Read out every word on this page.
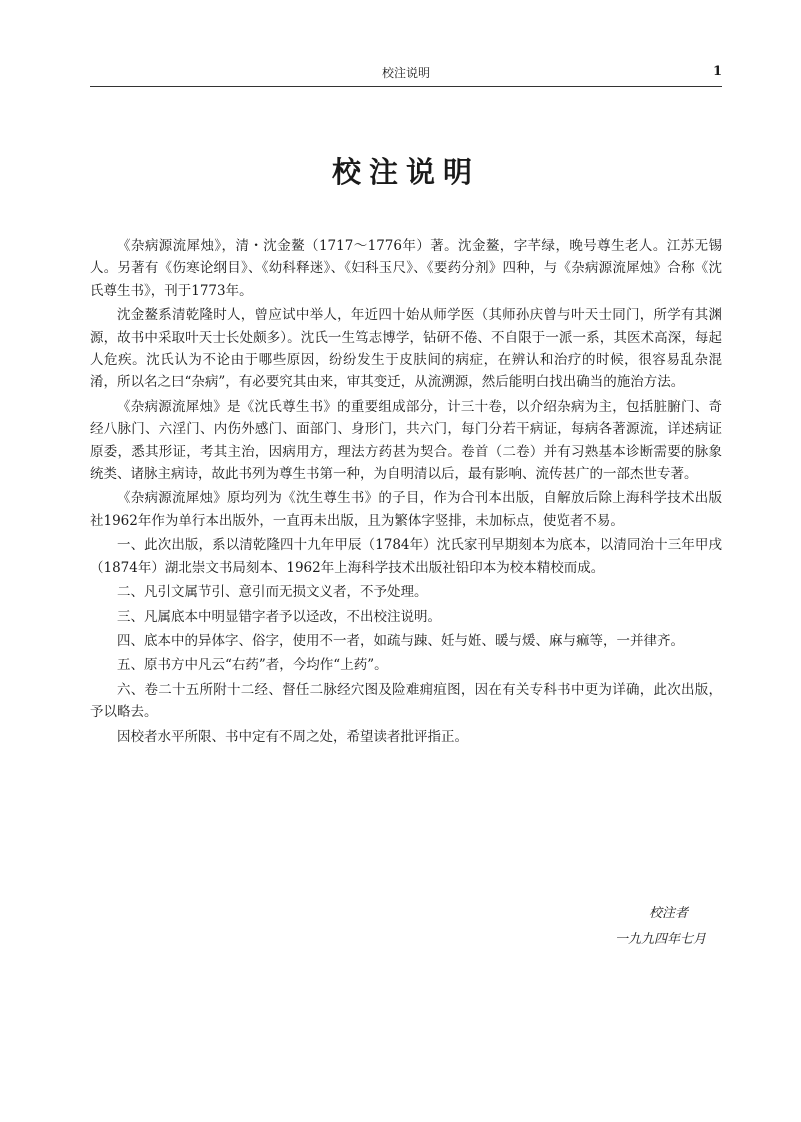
校注说明	1
校注说明

《杂病源流犀烛》，清・沈金鳌（1717～1776年）著。沈金鳌，字芊绿，晚号尊生老人。江苏无锡人。另著有《伤寒论纲目》、《幼科释迷》、《妇科玉尺》、《要药分剂》四种，与《杂病源流犀烛》合称《沈氏尊生书》，刊于1773年。

沈金鳌系清乾隆时人，曾应试中举人，年近四十始从师学医（其师孙庆曾与叶天士同门，所学有其渊源，故书中采取叶天士长处颇多）。沈氏一生笃志博学，钻研不倦、不自限于一派一系，其医术高深，每起人危疾。沈氏认为不论由于哪些原因，纷纷发生于皮肤间的病症，在辨认和治疗的时候，很容易乱杂混淆，所以名之曰“杂病”，有必要究其由来，审其变迁，从流溯源，然后能明白找出确当的施治方法。

《杂病源流犀烛》是《沈氏尊生书》的重要组成部分，计三十卷，以介绍杂病为主，包括脏腑门、奇经八脉门、六淫门、内伤外感门、面部门、身形门，共六门，每门分若干病证，每病各著源流，详述病证原委，悉其形证，考其主治，因病用方，理法方药甚为契合。卷首（二卷）并有习熟基本诊断需要的脉象统类、诸脉主病诗，故此书列为尊生书第一种，为自明清以后，最有影响、流传甚广的一部杰世专著。

《杂病源流犀烛》原均列为《沈生尊生书》的子目，作为合刊本出版，自解放后除上海科学技术出版社1962年作为单行本出版外，一直再未出版，且为繁体字竖排，未加标点，使览者不易。

一、此次出版，系以清乾隆四十九年甲辰（1784年）沈氏家刊早期刻本为底本，以清同治十三年甲戌（1874年）湖北崇文书局刻本、1962年上海科学技术出版社铅印本为校本精校而成。

二、凡引文属节引、意引而无损文义者，不予处理。

三、凡属底本中明显错字者予以迳改，不出校注说明。

四、底本中的异体字、俗字，使用不一者，如疏与踈、妊与姙、暖与煖、麻与痲等，一并律齐。

五、原书方中凡云“右药”者，今均作“上药”。

六、卷二十五所附十二经、督任二脉经穴图及险难痈疽图，因在有关专科书中更为详确，此次出版，予以略去。

因校者水平所限、书中定有不周之处，希望读者批评指正。

校注者
一九九四年七月
